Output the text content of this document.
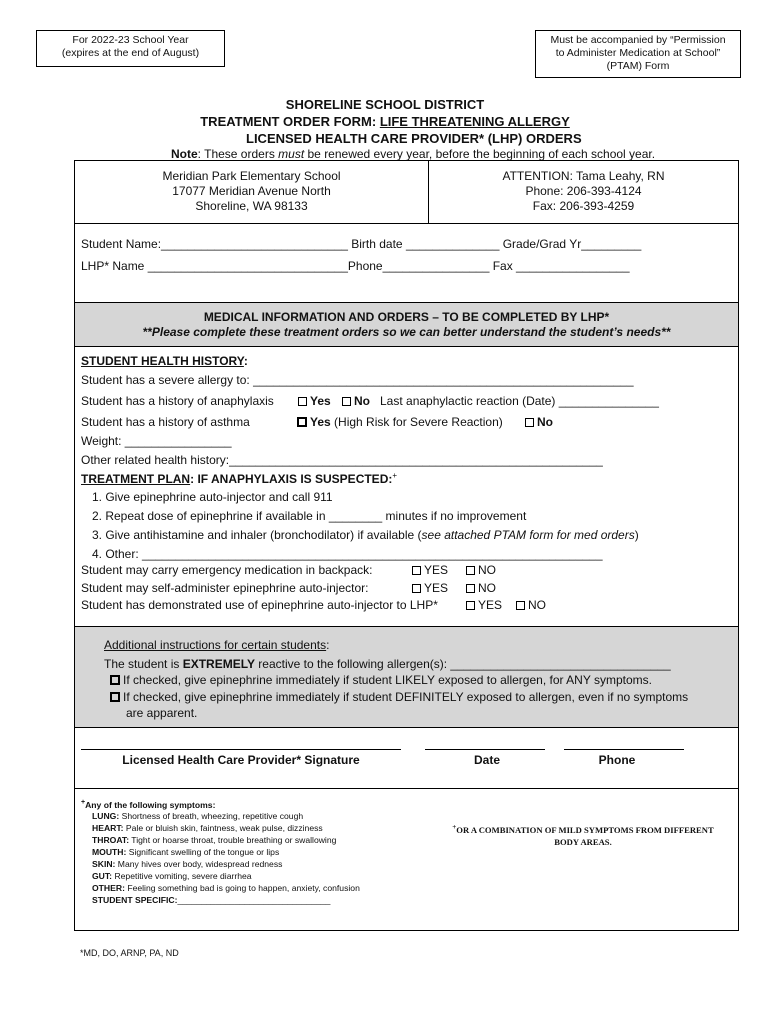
For 2022-23 School Year
(expires at the end of August)
Must be accompanied by “Permission
to Administer Medication at School”
(PTAM) Form
SHORELINE SCHOOL DISTRICT
TREATMENT ORDER FORM: LIFE THREATENING ALLERGY
LICENSED HEALTH CARE PROVIDER* (LHP) ORDERS
Note: These orders must be renewed every year, before the beginning of each school year.
Meridian Park Elementary School
17077 Meridian Avenue North
Shoreline, WA 98133
ATTENTION: Tama Leahy, RN
Phone: 206-393-4124
Fax: 206-393-4259
Student Name:____________________________ Birth date ______________ Grade/Grad Yr_________
LHP* Name ______________________________Phone________________ Fax _________________
MEDICAL INFORMATION AND ORDERS – TO BE COMPLETED BY LHP*
**Please complete these treatment orders so we can better understand the student’s needs**
STUDENT HEALTH HISTORY:
Student has a severe allergy to: _________________________________________________________
Student has a history of anaphylaxis	Yes	No Last anaphylactic reaction (Date) _______________
Student has a history of asthma	Yes (High Risk for Severe Reaction)	No
Weight: ________________
Other related health history:________________________________________________________
TREATMENT PLAN: IF ANAPHYLAXIS IS SUSPECTED:+
1. Give epinephrine auto-injector and call 911
2. Repeat dose of epinephrine if available in ________ minutes if no improvement
3. Give antihistamine and inhaler (bronchodilator) if available (see attached PTAM form for med orders)
4. Other: _____________________________________________________________________
Student may carry emergency medication in backpack:	YES	NO
Student may self-administer epinephrine auto-injector:	YES	NO
Student has demonstrated use of epinephrine auto-injector to LHP*	YES	NO
Additional instructions for certain students:
The student is EXTREMELY reactive to the following allergen(s): _________________________________
If checked, give epinephrine immediately if student LIKELY exposed to allergen, for ANY symptoms.
If checked, give epinephrine immediately if student DEFINITELY exposed to allergen, even if no symptoms
are apparent.
Licensed Health Care Provider* Signature	Date	Phone
+Any of the following symptoms:
LUNG: Shortness of breath, wheezing, repetitive cough
HEART: Pale or bluish skin, faintness, weak pulse, dizziness
THROAT: Tight or hoarse throat, trouble breathing or swallowing
MOUTH: Significant swelling of the tongue or lips
SKIN: Many hives over body, widespread redness
GUT: Repetitive vomiting, severe diarrhea
OTHER: Feeling something bad is going to happen, anxiety, confusion
STUDENT SPECIFIC:________________________________
+OR A COMBINATION OF MILD SYMPTOMS FROM DIFFERENT
BODY AREAS.
*MD, DO, ARNP, PA, ND
